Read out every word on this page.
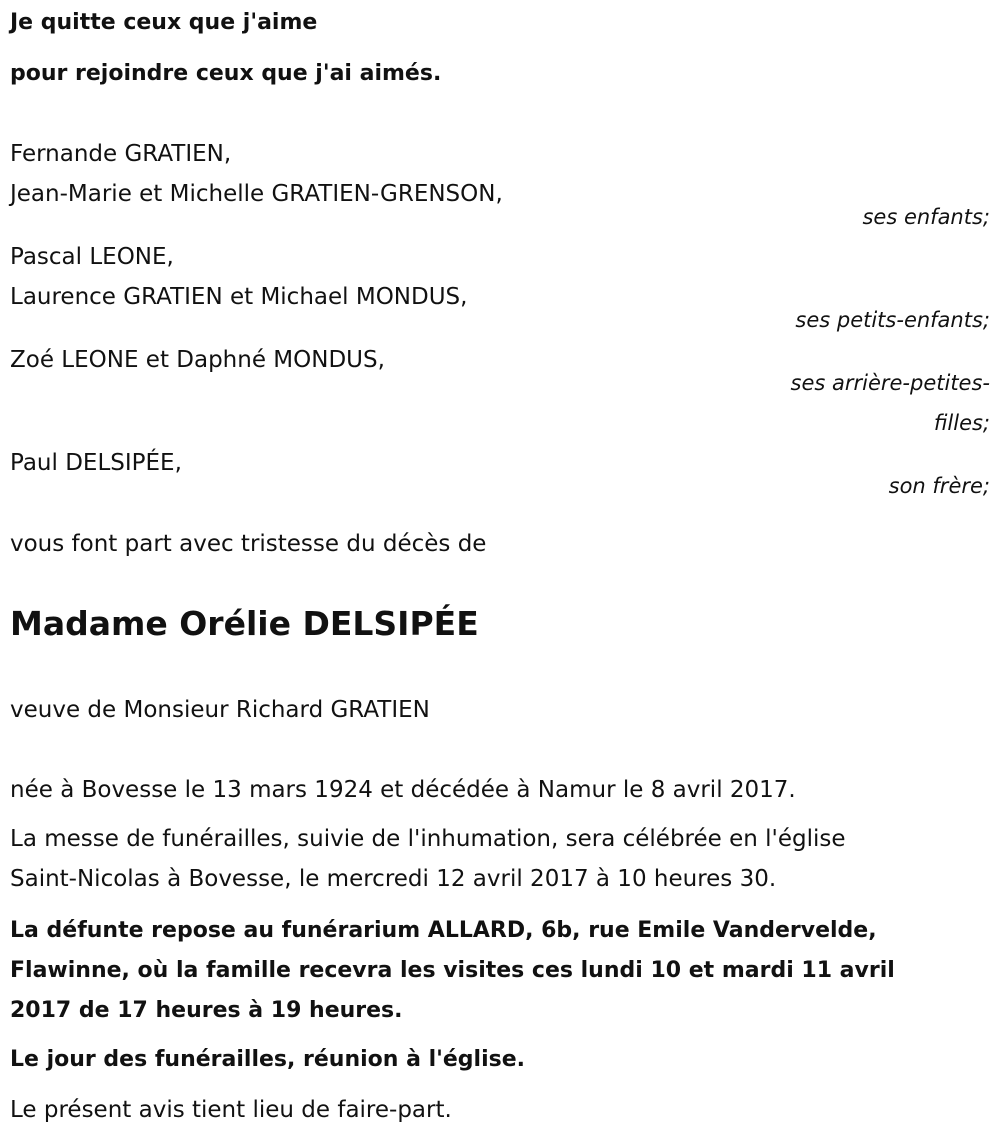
Je quitte ceux que j'aime
pour rejoindre ceux que j'ai aimés.
Fernande GRATIEN,
Jean-Marie et Michelle GRATIEN-GRENSON,
ses enfants;
Pascal LEONE,
Laurence GRATIEN et Michael MONDUS,
ses petits-enfants;
Zoé LEONE et Daphné MONDUS,
ses arrière-petites-
filles;
Paul DELSIPÉE,
son frère;
vous font part avec tristesse du décès de
Madame Orélie DELSIPÉE
veuve de Monsieur Richard GRATIEN
née à Bovesse le 13 mars 1924 et décédée à Namur le 8 avril 2017.
La messe de funérailles, suivie de l'inhumation, sera célébrée en l'église
Saint-Nicolas à Bovesse, le mercredi 12 avril 2017 à 10 heures 30.
La défunte repose au funérarium ALLARD, 6b, rue Emile Vandervelde,
Flawinne, où la famille recevra les visites ces lundi 10 et mardi 11 avril
2017 de 17 heures à 19 heures.
Le jour des funérailles, réunion à l'église.
Le présent avis tient lieu de faire-part.
